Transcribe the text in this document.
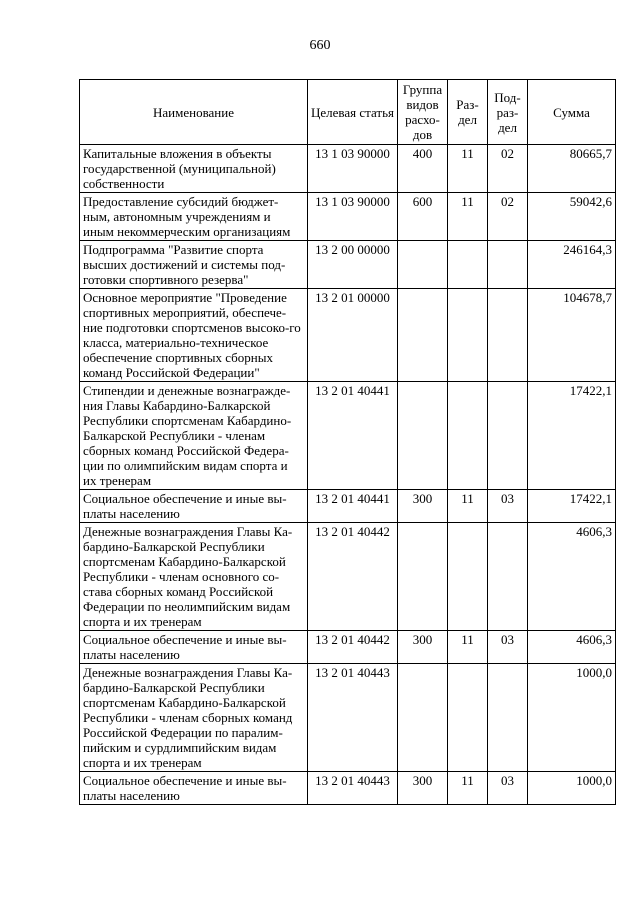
660
Наименование	Целевая статья	Группа видов расхо-дов	Раз-дел	Под-раз-дел	Сумма
Капитальные вложения в объекты государственной (муниципальной) собственности	13 1 03 90000	400	11	02	80665,7
Предоставление субсидий бюджет-ным, автономным учреждениям и иным некоммерческим организациям	13 1 03 90000	600	11	02	59042,6
Подпрограмма "Развитие спорта высших достижений и системы под-готовки спортивного резерва"	13 2 00 00000				246164,3
Основное мероприятие "Проведение спортивных мероприятий, обеспече-ние подготовки спортсменов высоко-го класса, материально-техническое обеспечение спортивных сборных команд Российской Федерации"	13 2 01 00000				104678,7
Стипендии и денежные вознагражде-ния Главы Кабардино-Балкарской Республики спортсменам Кабардино-Балкарской Республики - членам сборных команд Российской Федера-ции по олимпийским видам спорта и их тренерам	13 2 01 40441				17422,1
Социальное обеспечение и иные вы-платы населению	13 2 01 40441	300	11	03	17422,1
Денежные вознаграждения Главы Ка-бардино-Балкарской Республики спортсменам Кабардино-Балкарской Республики - членам основного со-става сборных команд Российской Федерации по неолимпийским видам спорта и их тренерам	13 2 01 40442				4606,3
Социальное обеспечение и иные вы-платы населению	13 2 01 40442	300	11	03	4606,3
Денежные вознаграждения Главы Ка-бардино-Балкарской Республики спортсменам Кабардино-Балкарской Республики - членам сборных команд Российской Федерации по паралим-пийским и сурдлимпийским видам спорта и их тренерам	13 2 01 40443				1000,0
Социальное обеспечение и иные вы-платы населению	13 2 01 40443	300	11	03	1000,0
